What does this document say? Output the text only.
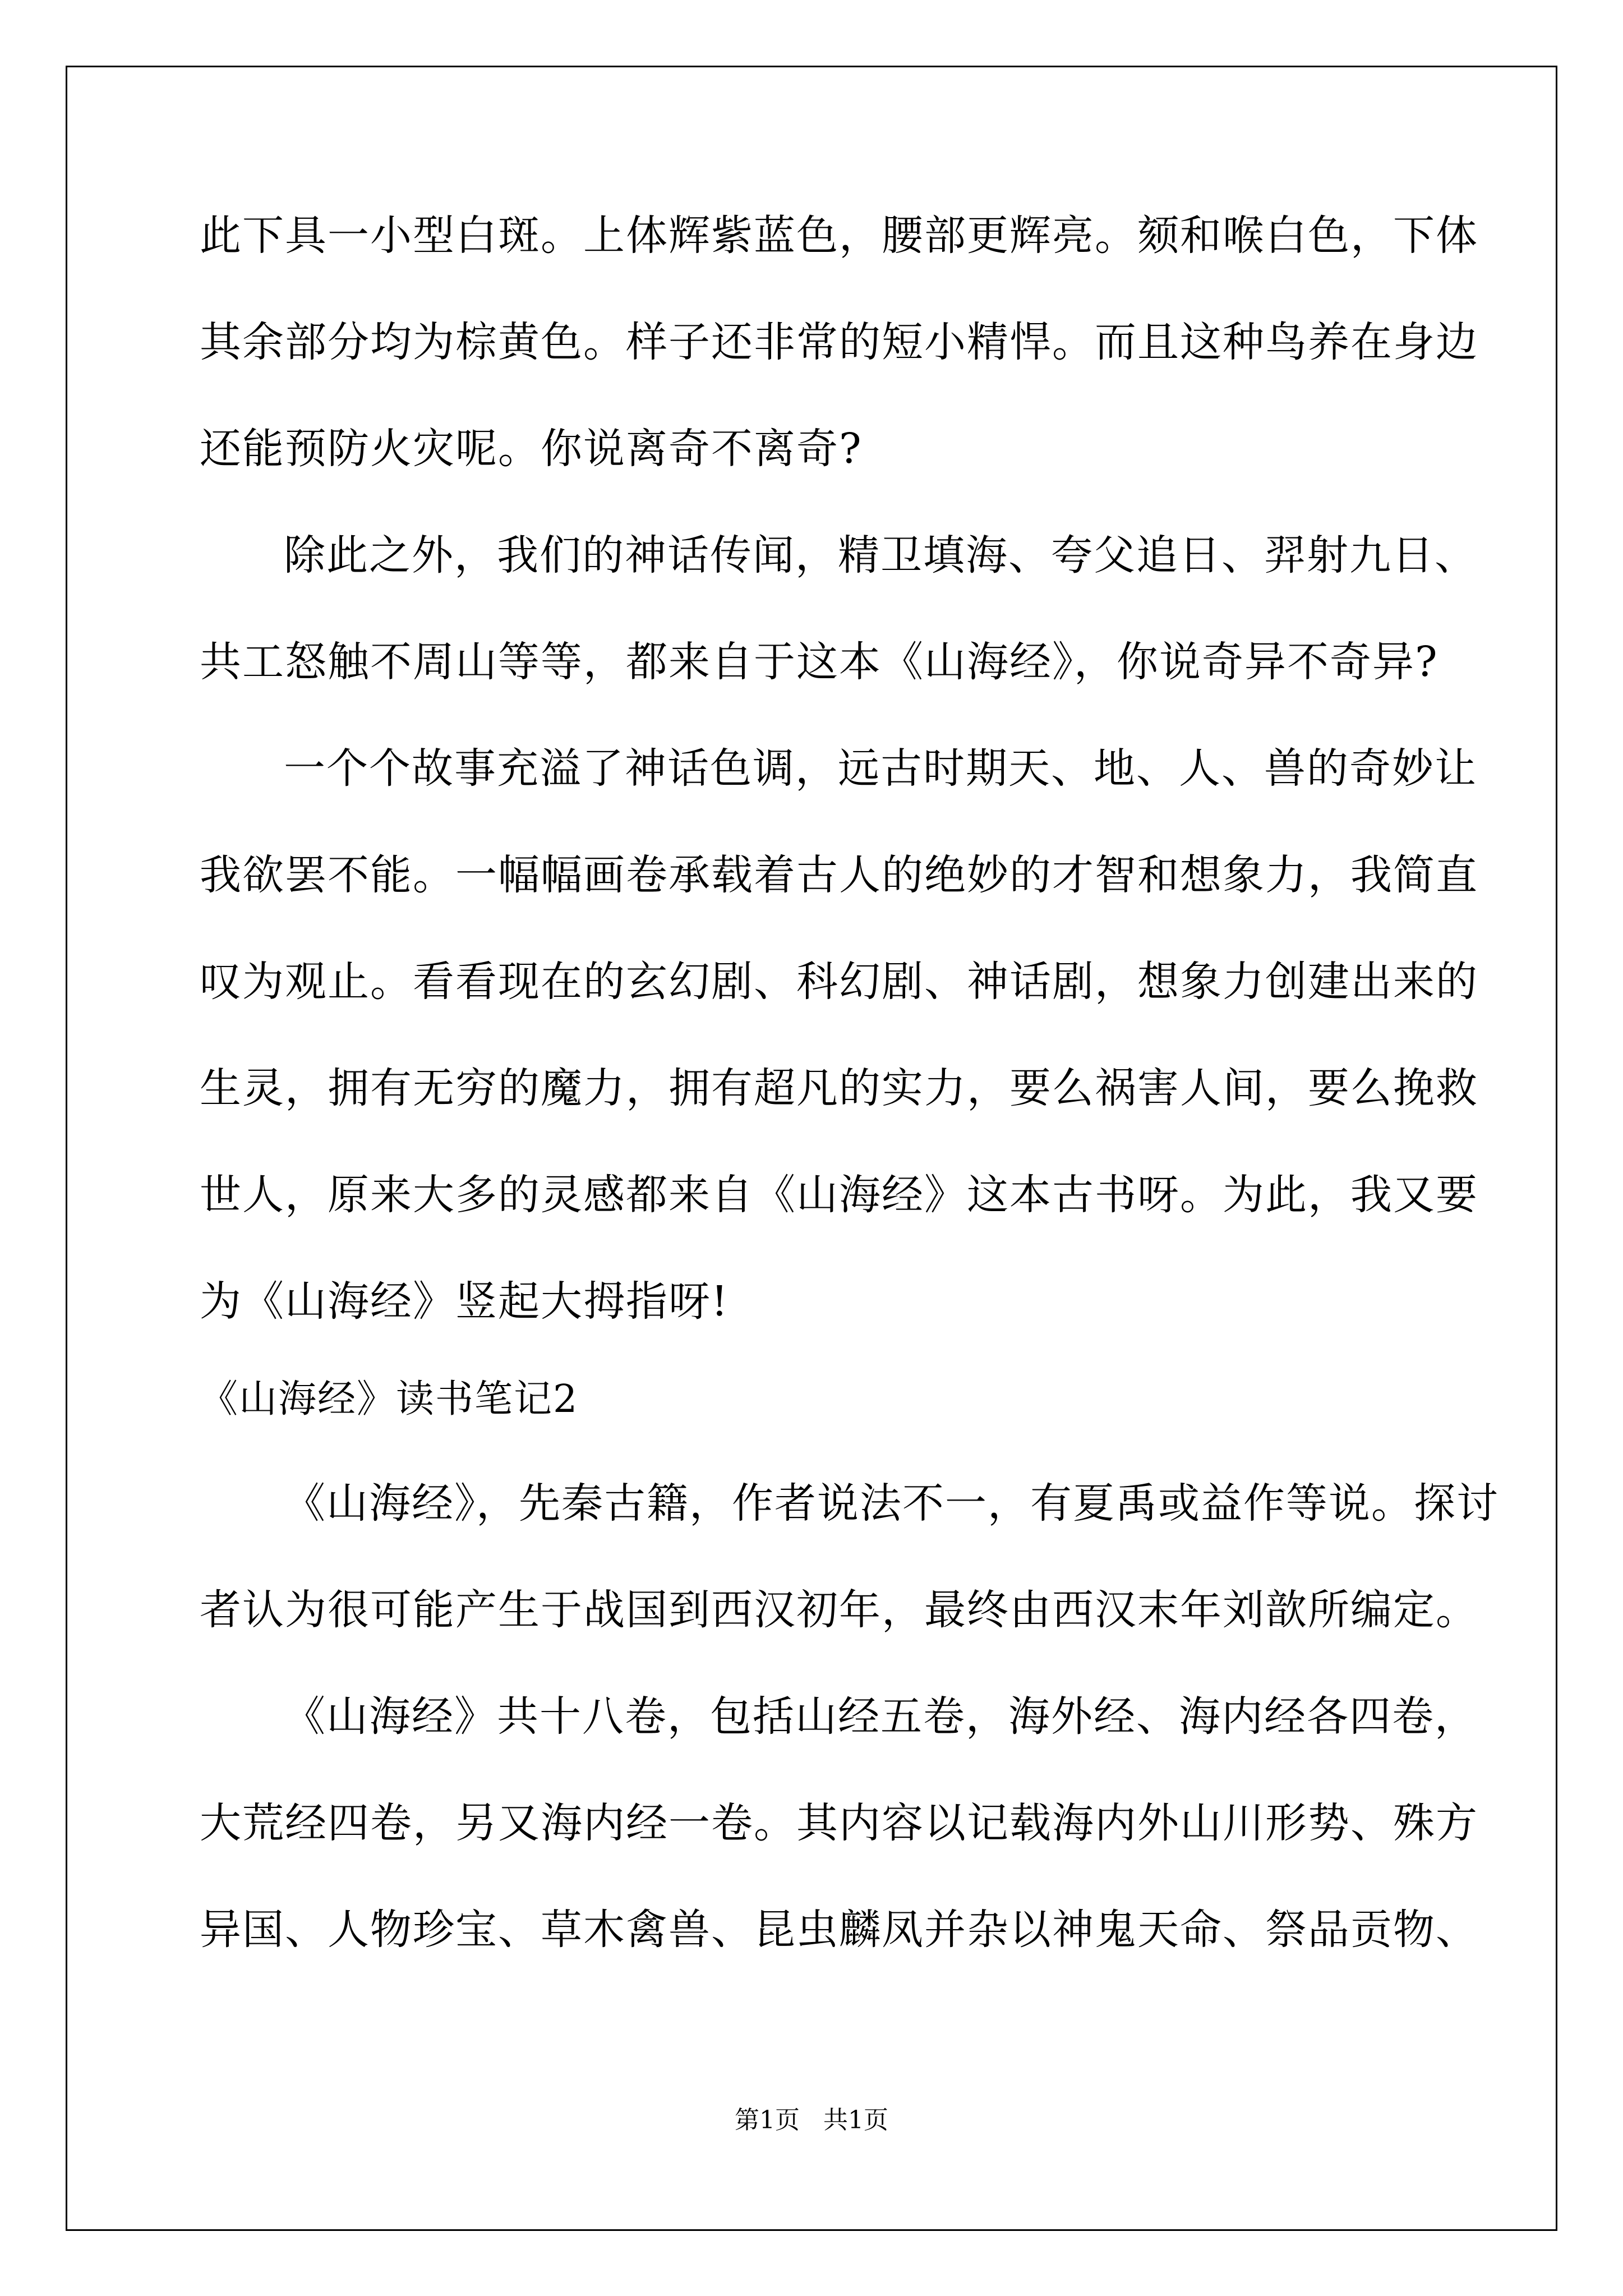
此下具一小型白斑。上体辉紫蓝色，腰部更辉亮。颏和喉白色，下体
其余部分均为棕黄色。样子还非常的短小精悍。而且这种鸟养在身边
还能预防火灾呢。你说离奇不离奇?
除此之外，我们的神话传闻，精卫填海、夸父追日、羿射九日、
共工怒触不周山等等，都来自于这本《山海经》，你说奇异不奇异?
一个个故事充溢了神话色调，远古时期天、地、人、兽的奇妙让
我欲罢不能。一幅幅画卷承载着古人的绝妙的才智和想象力，我简直
叹为观止。看看现在的玄幻剧、科幻剧、神话剧，想象力创建出来的
生灵，拥有无穷的魔力，拥有超凡的实力，要么祸害人间，要么挽救
世人，原来大多的灵感都来自《山海经》这本古书呀。为此，我又要
为《山海经》竖起大拇指呀!
《山海经》读书笔记2
《山海经》，先秦古籍，作者说法不一，有夏禹或益作等说。探讨
者认为很可能产生于战国到西汉初年，最终由西汉末年刘歆所编定。
《山海经》共十八卷，包括山经五卷，海外经、海内经各四卷，
大荒经四卷，另又海内经一卷。其内容以记载海内外山川形势、殊方
异国、人物珍宝、草木禽兽、昆虫麟凤并杂以神鬼天命、祭品贡物、
第1页   共1页
